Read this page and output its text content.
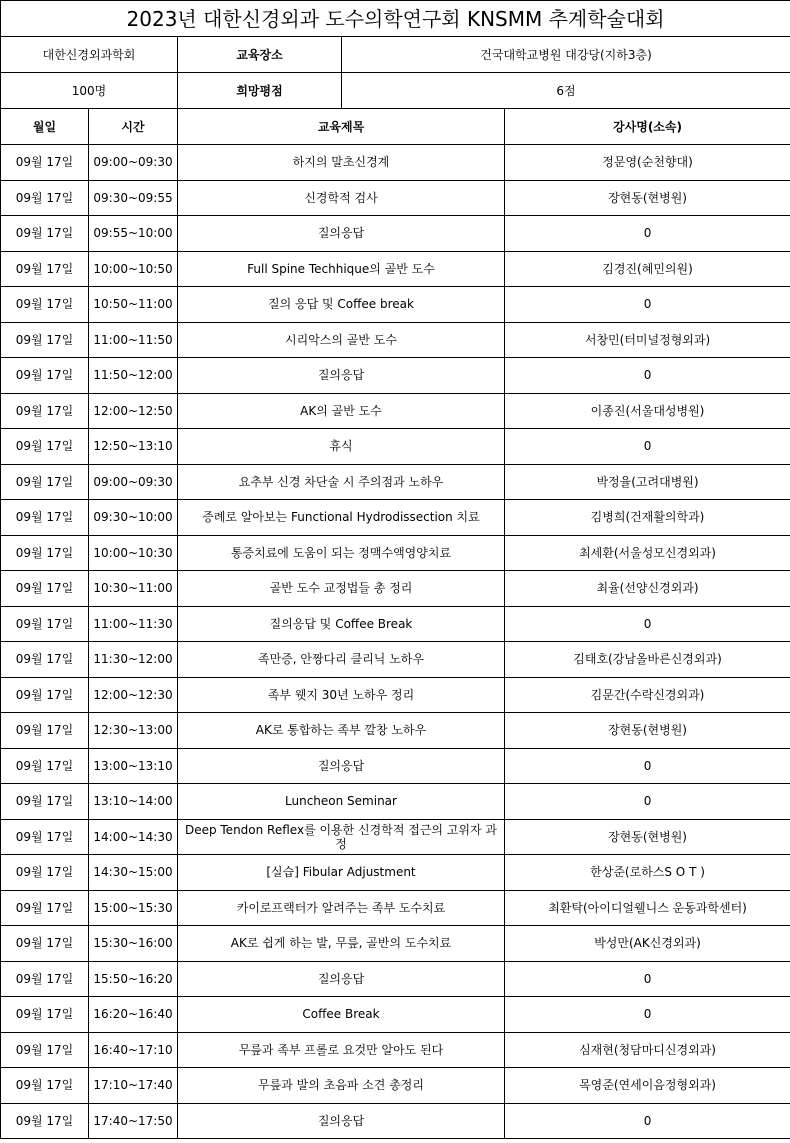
2023년 대한신경외과 도수의학연구회 KNSMM 추계학술대회				
대한신경외과학회		교육장소	건국대학교병원 대강당(지하3층)	
100명		희망평점	6점	
월일	시간	교육제목		강사명(소속)
09월 17일	09:00~09:30	하지의 말초신경계		정문영(순천향대)
09월 17일	09:30~09:55	신경학적 검사		장현동(현병원)
09월 17일	09:55~10:00	질의응답		0
09월 17일	10:00~10:50	Full Spine Techhique의 골반 도수		김경진(혜민의원)
09월 17일	10:50~11:00	질의 응답 및 Coffee break		0
09월 17일	11:00~11:50	시리악스의 골반 도수		서창민(터미널정형외과)
09월 17일	11:50~12:00	질의응답		0
09월 17일	12:00~12:50	AK의 골반 도수		이종진(서울대성병원)
09월 17일	12:50~13:10	휴식		0
09월 17일	09:00~09:30	요추부 신경 차단술 시 주의점과 노하우		박정율(고려대병원)
09월 17일	09:30~10:00	증례로 알아보는 Functional Hydrodissection 치료		김병희(건재활의학과)
09월 17일	10:00~10:30	통증치료에 도움이 되는 정맥수액영양치료		최세환(서울성모신경외과)
09월 17일	10:30~11:00	골반 도수 교정법들 총 정리		최율(선양신경외과)
09월 17일	11:00~11:30	질의응답 및 Coffee Break		0
09월 17일	11:30~12:00	족만증, 안짱다리 클리닉 노하우		김태호(강남올바른신경외과)
09월 17일	12:00~12:30	족부 웻지 30년 노하우 정리		김문간(수락신경외과)
09월 17일	12:30~13:00	AK로 통합하는 족부 깔창 노하우		장현동(현병원)
09월 17일	13:00~13:10	질의응답		0
09월 17일	13:10~14:00	Luncheon Seminar		0
09월 17일	14:00~14:30	Deep Tendon Reflex를 이용한 신경학적 접근의 고위자 과정		장현동(현병원)
09월 17일	14:30~15:00	[실습] Fibular Adjustment		한상준(로하스S O T )
09월 17일	15:00~15:30	카이로프랙터가 알려주는 족부 도수치료		최환탁(아이디얼웰니스 운동과학센터)
09월 17일	15:30~16:00	AK로 쉽게 하는 발, 무릎, 골반의 도수치료		박성만(AK신경외과)
09월 17일	15:50~16:20	질의응답		0
09월 17일	16:20~16:40	Coffee Break		0
09월 17일	16:40~17:10	무릎과 족부 프롤로 요것만 알아도 된다		심재현(청담마디신경외과)
09월 17일	17:10~17:40	무릎과 발의 초음파 소견 총정리		목영준(연세이음정형외과)
09월 17일	17:40~17:50	질의응답		0
